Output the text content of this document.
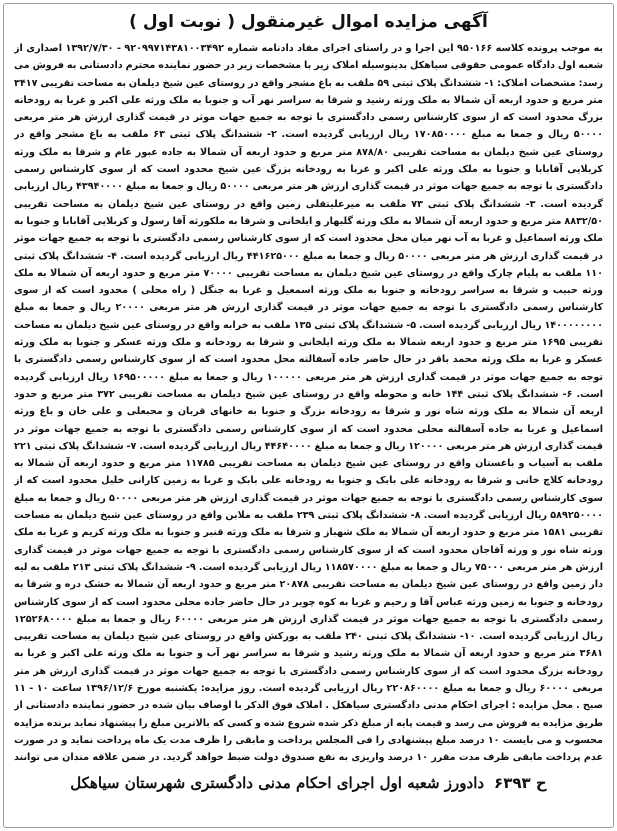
آگهی مزایده اموال غیرمنقول ( نوبت اول )
به موجب پرونده کلاسه ۹۵۰۱۶۶ این اجرا و در راستای اجرای مفاد دادنامه شماره ۹۲۰۹۹۷۱۴۳۸۱۰۰۳۴۹۲ - ۱۳۹۲/۷/۳۰ اصداری از شعبه اول دادگاه عمومی حقوقی سیاهکل بدینوسیله املاک زیر با مشخصات زیر در حضور نماینده محترم دادستانی به فروش می رسد: مشخصات املاک: ۱- ششدانگ پلاک ثبتی ۵۹ ملقب به باغ مشجر واقع در روستای عین شیخ دیلمان به مساحت تقریبی ۳۴۱۷ متر مربع و حدود اربعه آن شمالا به ملک ورثه رشید و شرقا به سراسر نهر آب و جنوبا به ملک ورثه علی اکبر و غربا به رودخانه بزرگ محدود است که از سوی کارشناس رسمی دادگستری با توجه به جمیع جهات موثر در قیمت گذاری ارزش هر متر مربعی ۵۰۰۰۰ ریال و جمعا به مبلغ ۱۷۰۸۵۰۰۰۰ ریال ارزیابی گردیده است. ۲- ششدانگ پلاک ثبتی ۶۳ ملقب به باغ مشجر واقع در روستای عین شیخ دیلمان به مساحت تقریبی ۸۷۸/۸۰ متر مربع و حدود اربعه آن شمالا به جاده عبور عام و شرقا به ملک ورثه کربلایی آقابابا و جنوبا به ملک ورثه علی اکبر و غربا به رودخانه بزرگ عین شیخ محدود است که از سوی کارشناس رسمی دادگستری با توجه به جمیع جهات موثر در قیمت گذاری ارزش هر متر مربعی ۵۰۰۰۰ ریال و جمعا به مبلغ ۴۳۹۴۰۰۰۰ ریال ارزیابی گردیده است. ۳- ششدانگ پلاک ثبتی ۷۳ ملقب به میرعلیتقلی زمین واقع در روستای عین شیخ دیلمان به مساحت تقریبی ۸۸۳۲/۵۰ متر مربع و حدود اربعه آن شمالا به ملک ورثه گلبهار و ایلخانی و شرقا به ملکورثه آقا رسول و کربلایی آقابابا و جنوبا به ملک ورثه اسماعیل و غربا به آب نهر میان محل محدود است که از سوی کارشناس رسمی دادگستری با توجه به جمیع جهات موثر در قیمت گذاری ارزش هر متر مربعی ۵۰۰۰۰ ریال و جمعا به مبلغ ۴۴۱۶۲۵۰۰۰ ریال ارزیابی گردیده است. ۴- ششدانگ پلاک ثبتی ۱۱۰ ملقب به پلیام چارک واقع در روستای عین شیخ دیلمان به مساحت تقریبی ۷۰۰۰۰ متر مربع و حدود اربعه آن شمالا به ملک ورثه حبیب و شرقا به سراسر رودخانه و جنوبا به ملک ورثه اسمعیل و غربا به جنگل ( راه محلی ) محدود است که از سوی کارشناس رسمی دادگستری با توجه به جمیع جهات موثر در قیمت گذاری ارزش هر متر مربعی ۲۰۰۰۰ ریال و جمعا به مبلغ ۱۴۰۰۰۰۰۰۰۰ ریال ارزیابی گردیده است. ۵- ششدانگ پلاک ثبتی ۱۳۵ ملقب به خرابه واقع در روستای عین شیخ دیلمان به مساحت تقریبی ۱۶۹۵ متر مربع و حدود اربعه شمالا به ملک ورثه ایلخانی و شرقا به رودخانه و ملک ورثه عسکر و جنوبا به ملک ورثه عسکر و غربا به ملک ورثه محمد باقر در حال حاضر جاده آسفالته محل محدود است که از سوی کارشناس رسمی دادگستری با توجه به جمیع جهات موثر در قیمت گذاری ارزش هر متر مربعی ۱۰۰۰۰۰ ریال و جمعا به مبلغ ۱۶۹۵۰۰۰۰۰ ریال ارزیابی گردیده است. ۶- ششدانگ پلاک ثبتی ۱۴۴ خانه و محوطه واقع در روستای عین شیخ دیلمان به مساحت تقریبی ۳۷۲ متر مربع و حدود اربعه آن شمالا به ملک ورثه شاه نور و شرقا به رودخانه بزرگ و جنوبا به خانهای قربان و محبعلی و علی خان و باغ ورثه اسماعیل و غربا به جاده آسفالته محلی محدود است که از سوی کارشناس رسمی دادگستری با توجه به جمیع جهات موثر در قیمت گذاری ارزش هر متر مربعی ۱۲۰۰۰۰ ریال و جمعا به مبلغ ۴۴۶۴۰۰۰۰ ریال ارزیابی گردیده است. ۷- ششدانگ پلاک ثبتی ۲۲۱ ملقب به آسیاب و باغستان واقع در روستای عین شیخ دیلمان به مساحت تقریبی ۱۱۷۸۵ متر مربع و حدود اربعه آن شمالا به رودخانه کلاچ خانی و شرقا به رودخانه علی بابک و جنوبا به رودخانه علی بابک و غربا به زمین کارانی خلیل محدود است که از سوی کارشناس رسمی دادگستری با توجه به جمیع جهات موثر در قیمت گذاری ارزش هر متر مربعی ۵۰۰۰۰ ریال و جمعا به مبلغ ۵۸۹۲۵۰۰۰۰ ریال ارزیابی گردیده است. ۸- ششدانگ پلاک ثبتی ۲۳۹ ملقب به ملابن واقع در روستای عین شیخ دیلمان به مساحت تقریبی ۱۵۸۱ متر مربع و حدود اربعه آن شمالا به ملک شهباز و شرقا به ملک ورثه قنبر و جنوبا به ملک ورثه کریم و غربا به ملک ورثه شاه نور و ورثه آقاجان محدود است که از سوی کارشناس رسمی دادگستری با توجه به جمیع جهات موثر در قیمت گذاری ارزش هر متر مربعی ۷۵۰۰۰ ریال و جمعا به مبلغ ۱۱۸۵۷۰۰۰۰ ریال ارزیابی گردیده است. ۹- ششدانگ پلاک ثبتی ۲۱۳ ملقب به لیه دار زمین واقع در روستای عین شیخ دیلمان به مساحت تقریبی ۲۰۸۷۸ متر مربع و حدود اربعه آن شمالا به خشک دره و شرقا به رودخانه و جنوبا به زمین ورثه عباس آقا و رحیم و غربا به کوه چویر در حال حاضر جاده محلی محدود است که از سوی کارشناس رسمی دادگستری با توجه به جمیع جهات موثر در قیمت گذاری ارزش هر متر مربعی ۶۰۰۰۰ ریال و جمعا به مبلغ ۱۲۵۲۶۸۰۰۰۰ ریال ارزیابی گردیده است. ۱۰- ششدانگ پلاک ثبتی ۲۴۰ ملقب به بورکش واقع در روستای عین شیخ دیلمان به مساحت تقریبی ۳۶۸۱ متر مربع و حدود اربعه آن شمالا به ملک ورثه رشید و شرقا به سراسر نهر آب و جنوبا به ملک ورثه علی اکبر و غربا به رودخانه بزرگ محدود است که از سوی کارشناس رسمی دادگستری با توجه به جمیع جهات موثر در قیمت گذاری ارزش هر متر مربعی ۶۰۰۰۰ ریال و جمعا به مبلغ ۲۲۰۸۶۰۰۰۰ ریال ارزیابی گردیده است. روز مزایده: یکشنبه مورخ ۱۳۹۶/۱۲/۶ ساعت ۱۰ - ۱۱ صبح . محل مزایده : اجرای احکام مدنی دادگستری سیاهکل . املاک فوق الذکر با اوصاف بیان شده در حضور نماینده دادستانی از طریق مزایده به فروش می رسد و قیمت پایه از مبلغ ذکر شده شروع شده و کسی که بالاترین مبلغ را پیشنهاد نماید برنده مزایده محسوب و می بایست ۱۰ درصد مبلغ پیشنهادی را فی المجلس پرداخت و مابقی را ظرف مدت یک ماه پرداخت نماید و در صورت عدم پرداخت مابقی ظرف مدت مقرر ۱۰ درصد واریزی به نفع صندوق دولت ضبط خواهد گردید. در ضمن علاقه مندان می توانند
ح ۶۳۹۳
دادورز شعبه اول اجرای احکام مدنی دادگستری شهرستان سیاهکل
